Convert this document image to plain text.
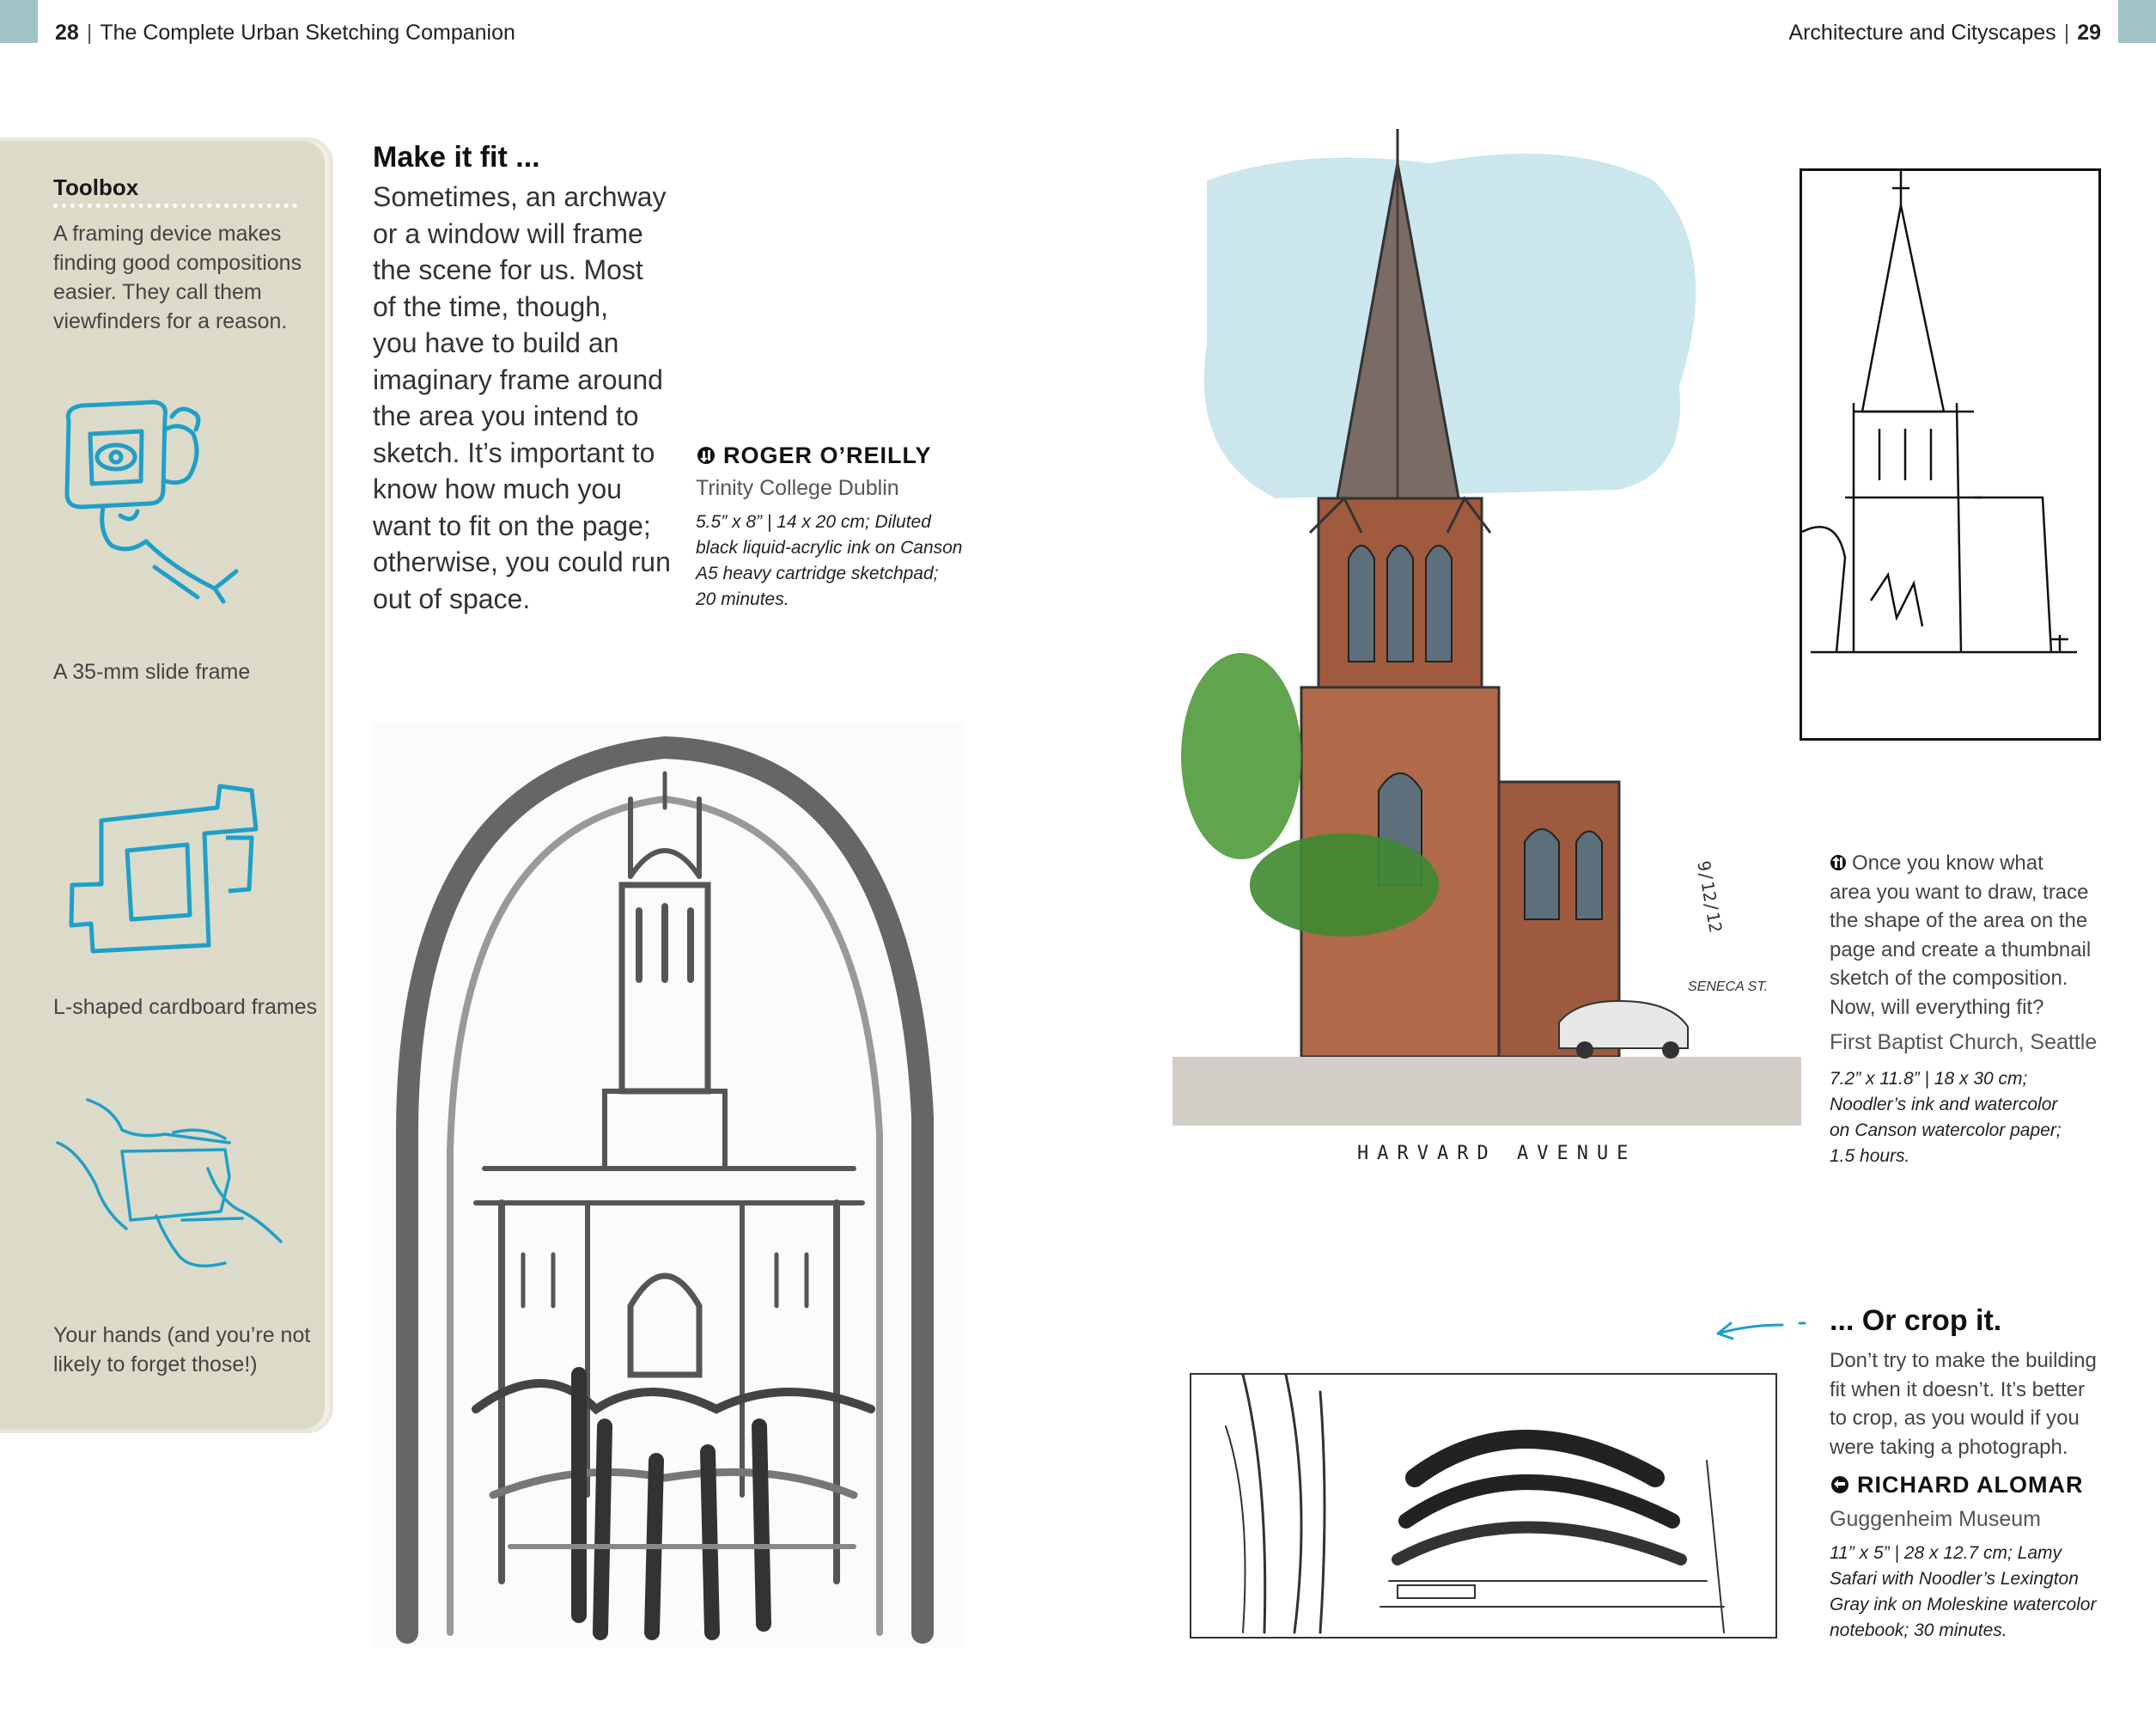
28 | The Complete Urban Sketching Companion	Architecture and Cityscapes | 29
Toolbox
A framing device makes
finding good compositions
easier. They call them
viewfinders for a reason.
A 35-mm slide frame
L-shaped cardboard frames
Your hands (and you’re not
likely to forget those!)
Make it fit ...
Sometimes, an archway
or a window will frame
the scene for us. Most
of the time, though,
you have to build an
imaginary frame around
the area you intend to
sketch. It’s important to
know how much you
want to fit on the page;
otherwise, you could run
out of space.
ROGER O’REILLY
Trinity College Dublin
5.5” x 8” | 14 x 20 cm; Diluted
black liquid-acrylic ink on Canson
A5 heavy cartridge sketchpad;
20 minutes.
9/12/12
SENECA ST.
HARVARD AVENUE
Once you know what
area you want to draw, trace
the shape of the area on the
page and create a thumbnail
sketch of the composition.
Now, will everything fit?
First Baptist Church, Seattle
7.2” x 11.8” | 18 x 30 cm;
Noodler’s ink and watercolor
on Canson watercolor paper;
1.5 hours.
... Or crop it.
Don’t try to make the building
fit when it doesn’t. It’s better
to crop, as you would if you
were taking a photograph.
RICHARD ALOMAR
Guggenheim Museum
11” x 5” | 28 x 12.7 cm; Lamy
Safari with Noodler’s Lexington
Gray ink on Moleskine watercolor
notebook; 30 minutes.
